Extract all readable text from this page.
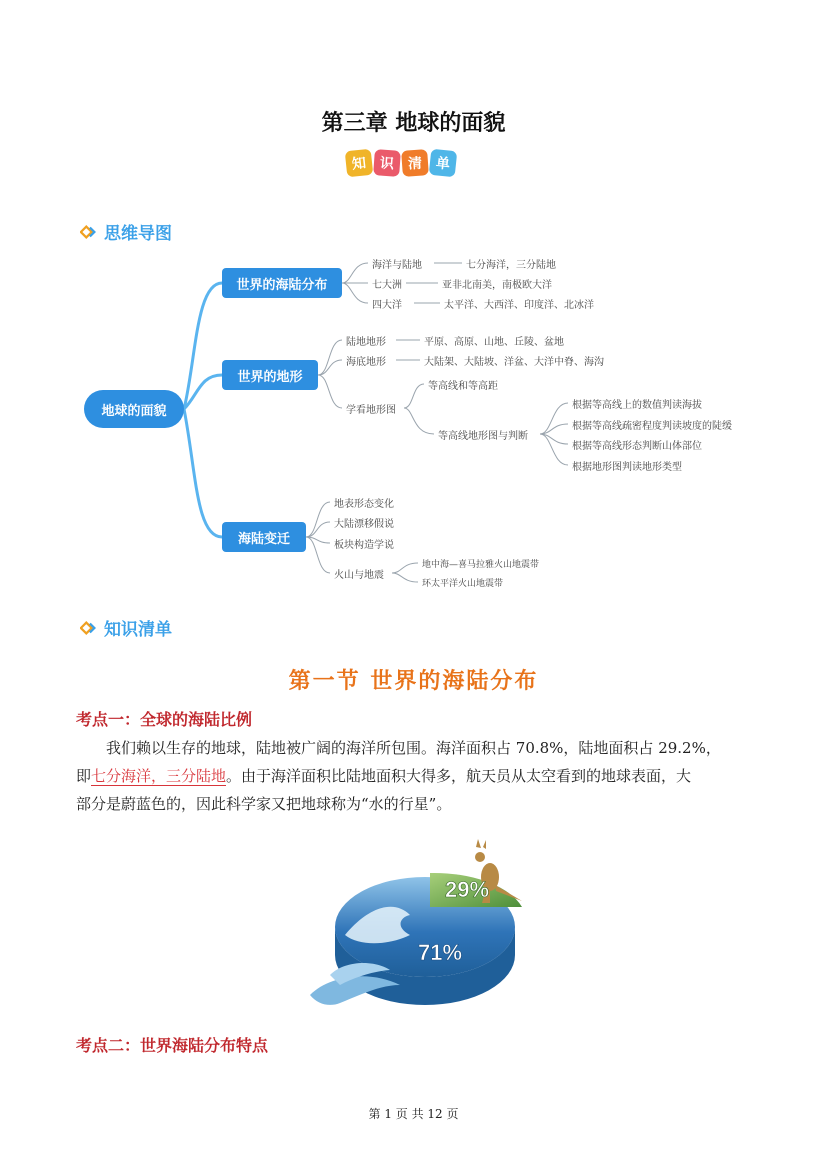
第三章 地球的面貌
知 识 清 单
思维导图
地球的面貌
世界的海陆分布
世界的地形
海陆变迁
海洋与陆地	七分海洋，三分陆地
七大洲	亚非北南美，南极欧大洋
四大洋	太平洋、大西洋、印度洋、北冰洋
陆地地形	平原、高原、山地、丘陵、盆地
海底地形	大陆架、大陆坡、洋盆、大洋中脊、海沟
学看地形图
等高线和等高距
等高线地形图与判断
根据等高线上的数值判读海拔
根据等高线疏密程度判读坡度的陡缓
根据等高线形态判断山体部位
根据地形图判读地形类型
地表形态变化
大陆漂移假说
板块构造学说
火山与地震
地中海—喜马拉雅火山地震带
环太平洋火山地震带
知识清单
第一节 世界的海陆分布
考点一：全球的海陆比例
我们赖以生存的地球，陆地被广阔的海洋所包围。海洋面积占 70.8%，陆地面积占 29.2%，
即七分海洋，三分陆地。由于海洋面积比陆地面积大得多，航天员从太空看到的地球表面，大
部分是蔚蓝色的，因此科学家又把地球称为“水的行星”。
29%
71%
考点二：世界海陆分布特点
第 1 页 共 12 页
